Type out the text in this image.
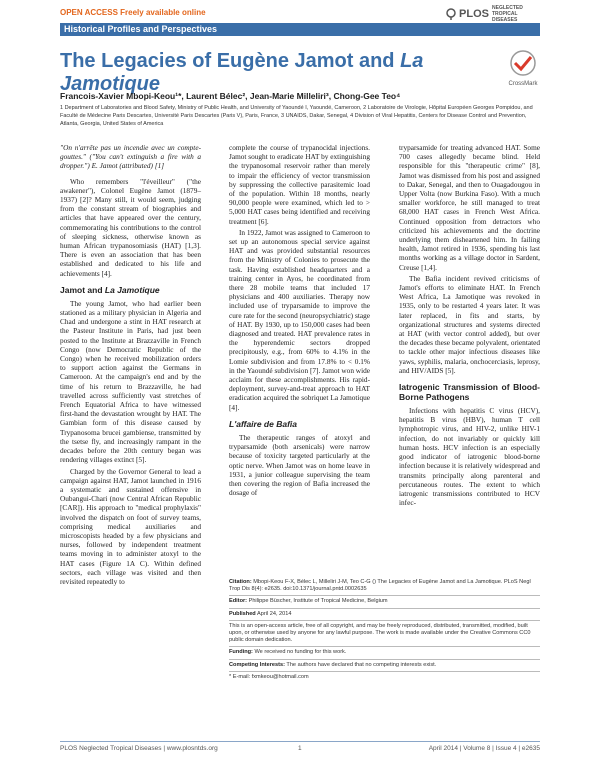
OPEN ACCESS Freely available online	PLOS NEGLECTED TROPICAL DISEASES
Historical Profiles and Perspectives
The Legacies of Eugène Jamot and La Jamotique	CrossMark
Francois-Xavier Mbopi-Keou¹*, Laurent Bélec², Jean-Marie Milleliri³, Chong-Gee Teo⁴
1 Department of Laboratories and Blood Safety, Ministry of Public Health, and University of Yaoundé I, Yaoundé, Cameroon, 2 Laboratoire de Virologie, Hôpital Européen Georges Pompidou, and Faculté de Médecine Paris Descartes, Université Paris Descartes (Paris V), Paris, France, 3 UNAIDS, Dakar, Senegal, 4 Division of Viral Hepatitis, Centers for Disease Control and Prevention, Atlanta, Georgia, United States of America

"On n'arrête pas un incendie avec un compte-gouttes." ("You can't extinguish a fire with a dropper.") E. Jamot (attributed) [1]

Who remembers "l'éveilleur" ("the awakener"), Colonel Eugène Jamot (1879–1937) [2]? Many still, it would seem, judging from the constant stream of biographies and articles that have appeared over the century, commemorating his contributions to the control of sleeping sickness, otherwise known as human African trypanosomiasis (HAT) [1,3]. There is even an association that has been established and dedicated to his life and achievements [4].

Jamot and La Jamotique

The young Jamot, who had earlier been stationed as a military physician in Algeria and Chad and undergone a stint in HAT research at the Pasteur Institute in Paris, had just been posted to the Institute at Brazzaville in French Congo (now Democratic Republic of the Congo) when he received mobilization orders to support action against the Germans in Cameroon. At the campaign's end and by the time of his return to Brazzaville, he had travelled across sufficiently vast stretches of French Equatorial Africa to have witnessed first-hand the devastation wrought by HAT. The Gambian form of this disease caused by Trypanosoma brucei gambiense, transmitted by the tsetse fly, and increasingly rampant in the decades before the 20th century began was rendering villages extinct [5].

Charged by the Governor General to lead a campaign against HAT, Jamot launched in 1916 a systematic and sustained offensive in Oubangui-Chari (now Central African Republic [CAR]). His approach to "medical prophylaxis" involved the dispatch on foot of survey teams, comprising medical auxiliaries and microscopists headed by a few physicians and nurses, followed by independent treatment teams moving in to administer atoxyl to the HAT cases (Figure 1A C). Within defined sectors, each village was visited and then revisited repeatedly to

complete the course of trypanocidal injections. Jamot sought to eradicate HAT by extinguishing the trypanosomal reservoir rather than merely to impair the efficiency of vector transmission by suppressing the collective parasitemic load of the population. Within 18 months, nearly 90,000 people were examined, which led to > 5,000 HAT cases being identified and receiving treatment [6].

In 1922, Jamot was assigned to Cameroon to set up an autonomous special service against HAT and was provided substantial resources from the Ministry of Colonies to prosecute the task. Having established headquarters and a training center in Ayos, he coordinated from there 28 mobile teams that included 17 physicians and 400 auxiliaries. Therapy now included use of tryparsamide to improve the cure rate for the second (neuropsychiatric) stage of HAT. By 1930, up to 150,000 cases had been diagnosed and treated. HAT prevalence rates in the hyperendemic sectors dropped precipitously, e.g., from 60% to 4.1% in the Lomie subdivision and from 17.8% to < 0.1% in the Yaoundé subdivision [7]. Jamot won wide acclaim for these accomplishments. His rapid-deployment, survey-and-treat approach to HAT eradication acquired the sobriquet La Jamotique [4].

L'affaire de Bafia

The therapeutic ranges of atoxyl and tryparsamide (both arsenicals) were narrow because of toxicity targeted particularly at the optic nerve. When Jamot was on home leave in 1931, a junior colleague supervising the team then covering the region of Bafia increased the dosage of

tryparsamide for treating advanced HAT. Some 700 cases allegedly became blind. Held responsible for this "therapeutic crime" [8], Jamot was dismissed from his post and assigned to Dakar, Senegal, and then to Ouagadougou in Upper Volta (now Burkina Faso). With a much smaller workforce, he still managed to treat 68,000 HAT cases in French West Africa. Continued opposition from detractors who criticized his achievements and the doctrine underlying them disheartened him. In failing health, Jamot retired in 1936, spending his last months working as a village doctor in Sardent, Creuse [1,4].

The Bafia incident revived criticisms of Jamot's efforts to eliminate HAT. In French West Africa, La Jamotique was revoked in 1935, only to be restarted 4 years later. It was later replaced, in fits and starts, by organizational structures and systems directed at HAT (with vector control added), but over the decades these became polyvalent, orientated to tackle other major infectious diseases like yaws, syphilis, malaria, onchocerciasis, leprosy, and HIV/AIDS [5].

Iatrogenic Transmission of Blood-Borne Pathogens

Infections with hepatitis C virus (HCV), hepatitis B virus (HBV), human T cell lymphotropic virus, and HIV-2, unlike HIV-1 infection, do not invariably or quickly kill human hosts. HCV infection is an especially good indicator of iatrogenic blood-borne infection because it is relatively widespread and transmits principally along parenteral and percutaneous routes. The extent to which iatrogenic transmissions contributed to HCV infec-

Citation: Mbopi-Keou F-X, Bélec L, Milleliri J-M, Teo C-G () The Legacies of Eugène Jamot and La Jamotique. PLoS Negl Trop Dis 8(4): e2635. doi:10.1371/journal.pntd.0002635
Editor: Philippe Büscher, Institute of Tropical Medicine, Belgium
Published April 24, 2014
This is an open-access article, free of all copyright, and may be freely reproduced, distributed, transmitted, modified, built upon, or otherwise used by anyone for any lawful purpose. The work is made available under the Creative Commons CC0 public domain dedication.
Funding: We received no funding for this work.
Competing Interests: The authors have declared that no competing interests exist.
* E-mail: fxmkeou@hotmail.com
PLOS Neglected Tropical Diseases | www.plosntds.org	1	April 2014 | Volume 8 | Issue 4 | e2635
